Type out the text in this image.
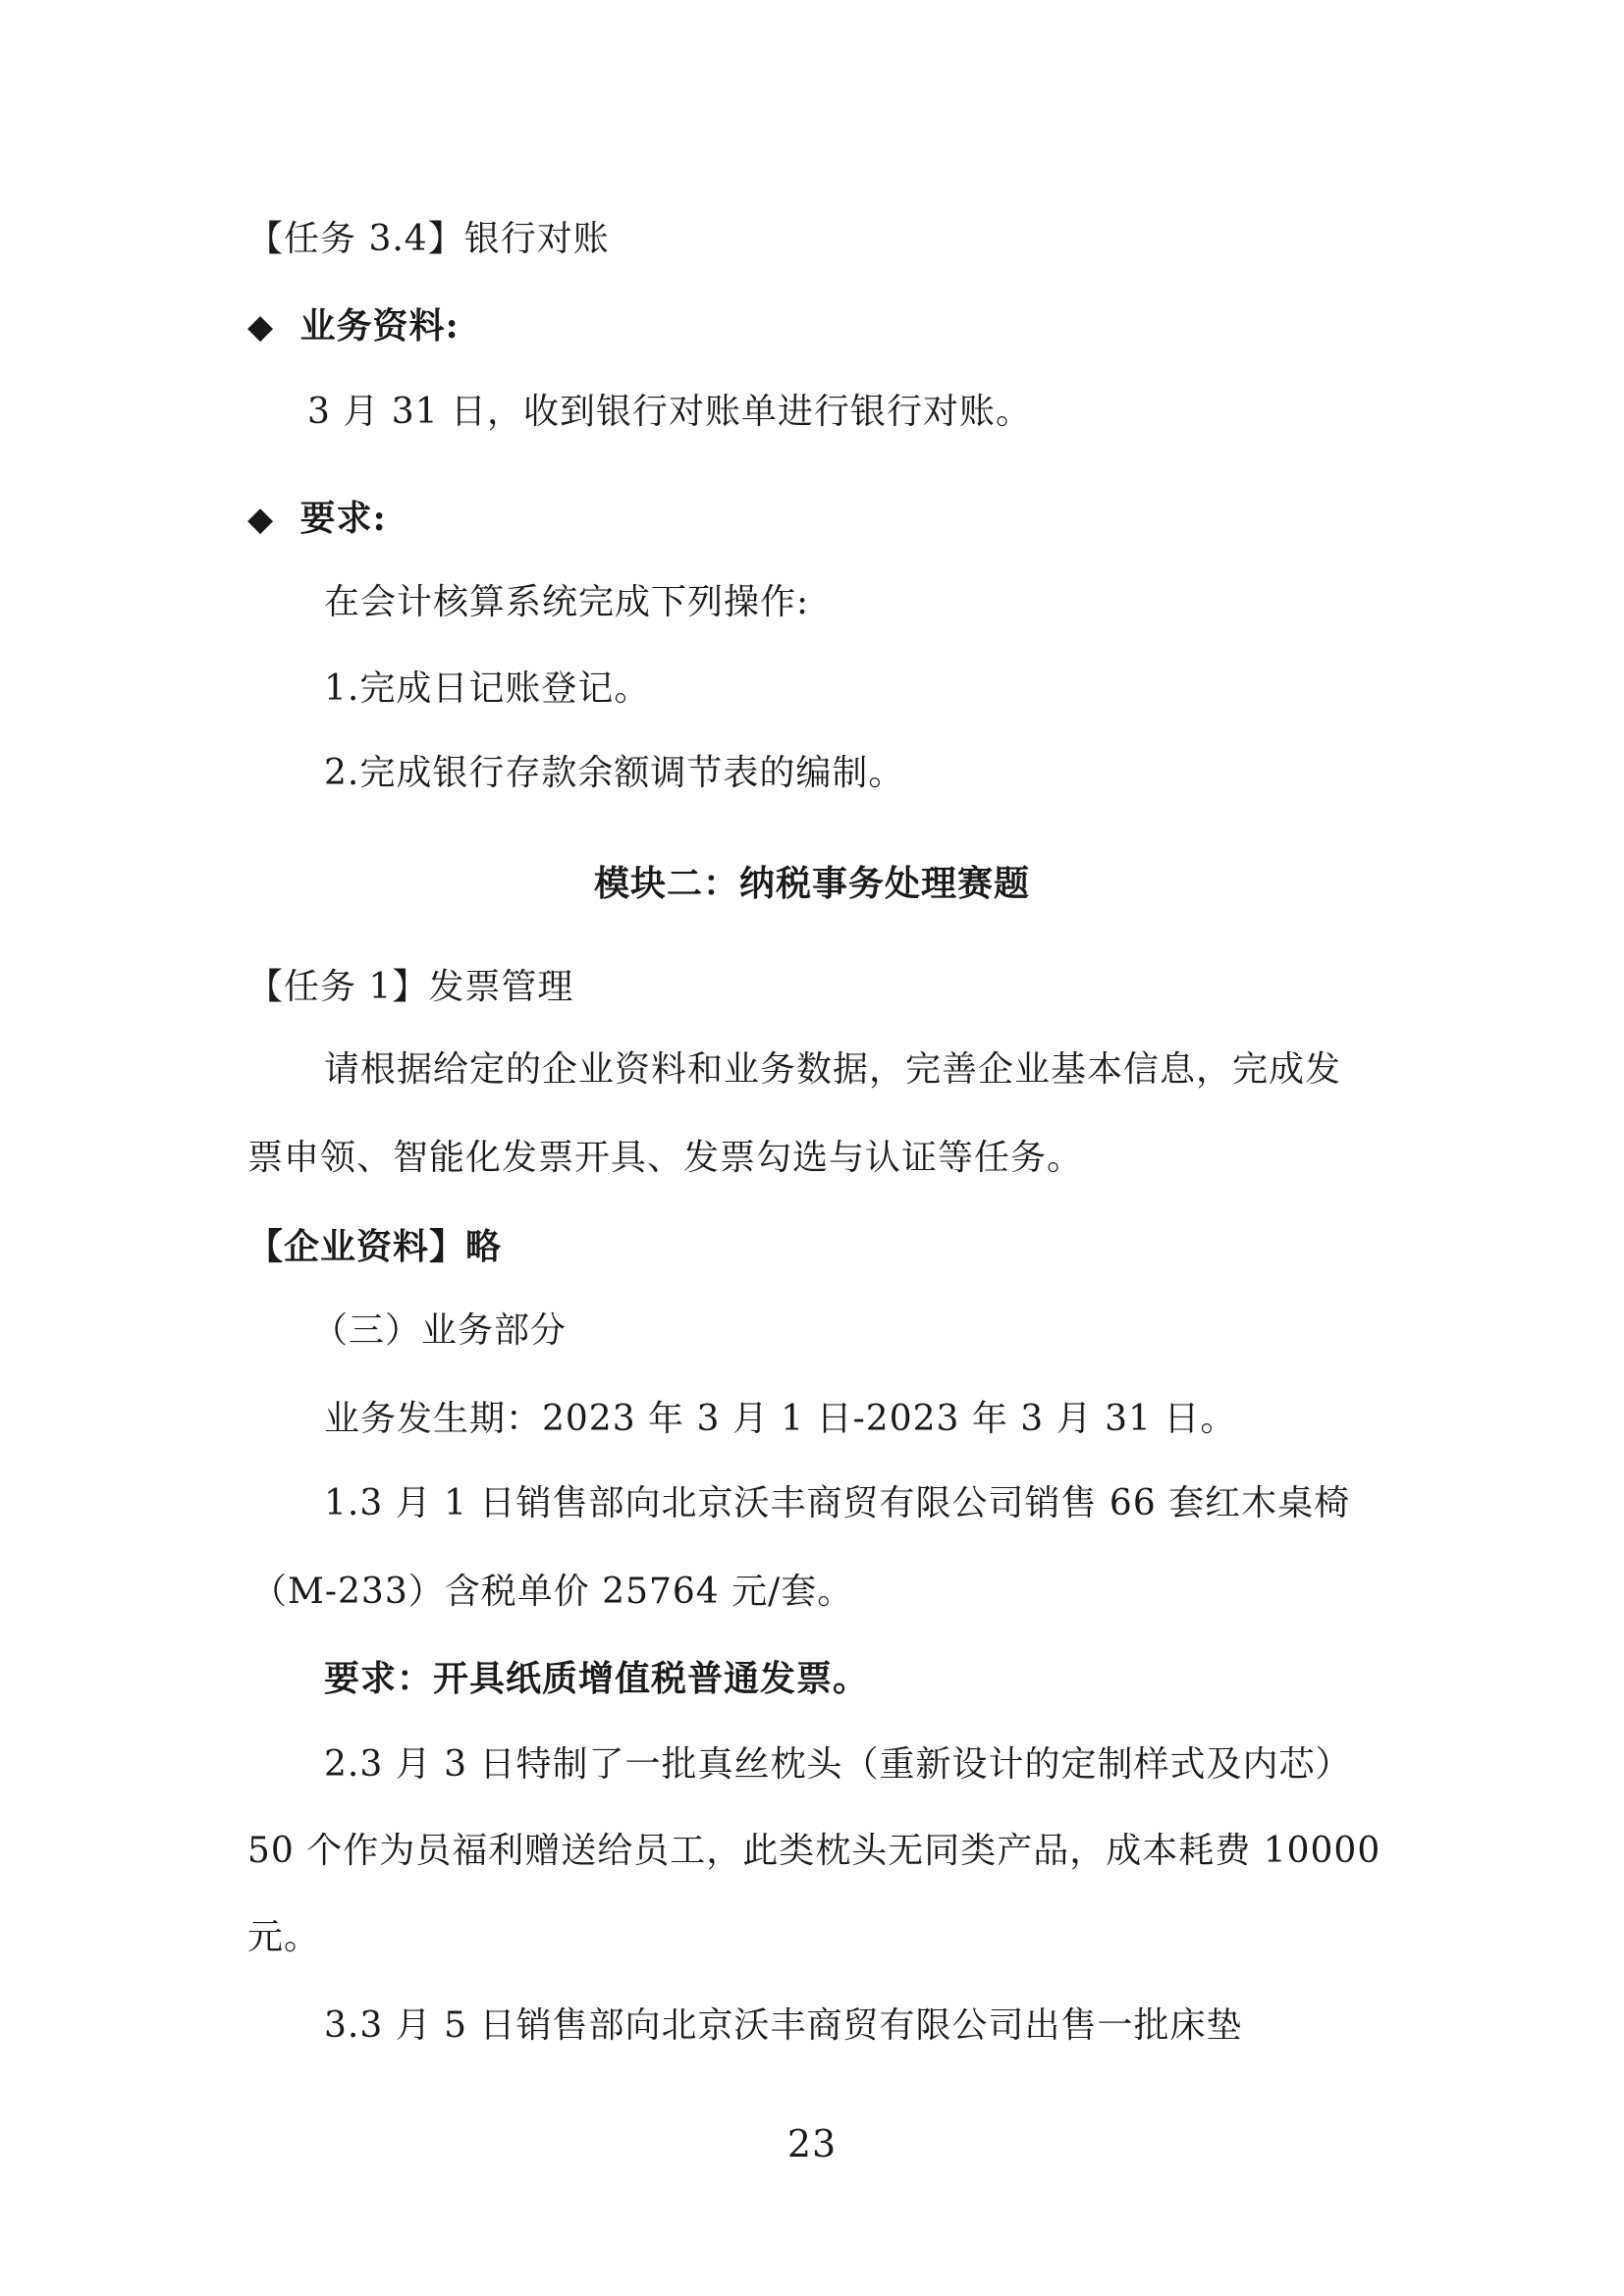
【任务 3.4】银行对账
◆ 业务资料:
3 月 31 日，收到银行对账单进行银行对账。
◆ 要求:
在会计核算系统完成下列操作:
1.完成日记账登记。
2.完成银行存款余额调节表的编制。
模块二：纳税事务处理赛题
【任务 1】发票管理
请根据给定的企业资料和业务数据，完善企业基本信息，完成发
票申领、智能化发票开具、发票勾选与认证等任务。
【企业资料】略
（三）业务部分
业务发生期：2023 年 3 月 1 日-2023 年 3 月 31 日。
1.3 月 1 日销售部向北京沃丰商贸有限公司销售 66 套红木桌椅
（M-233）含税单价 25764 元/套。
要求：开具纸质增值税普通发票。
2.3 月 3 日特制了一批真丝枕头（重新设计的定制样式及内芯）
50 个作为员福利赠送给员工，此类枕头无同类产品，成本耗费 10000
元。
3.3 月 5 日销售部向北京沃丰商贸有限公司出售一批床垫
23
